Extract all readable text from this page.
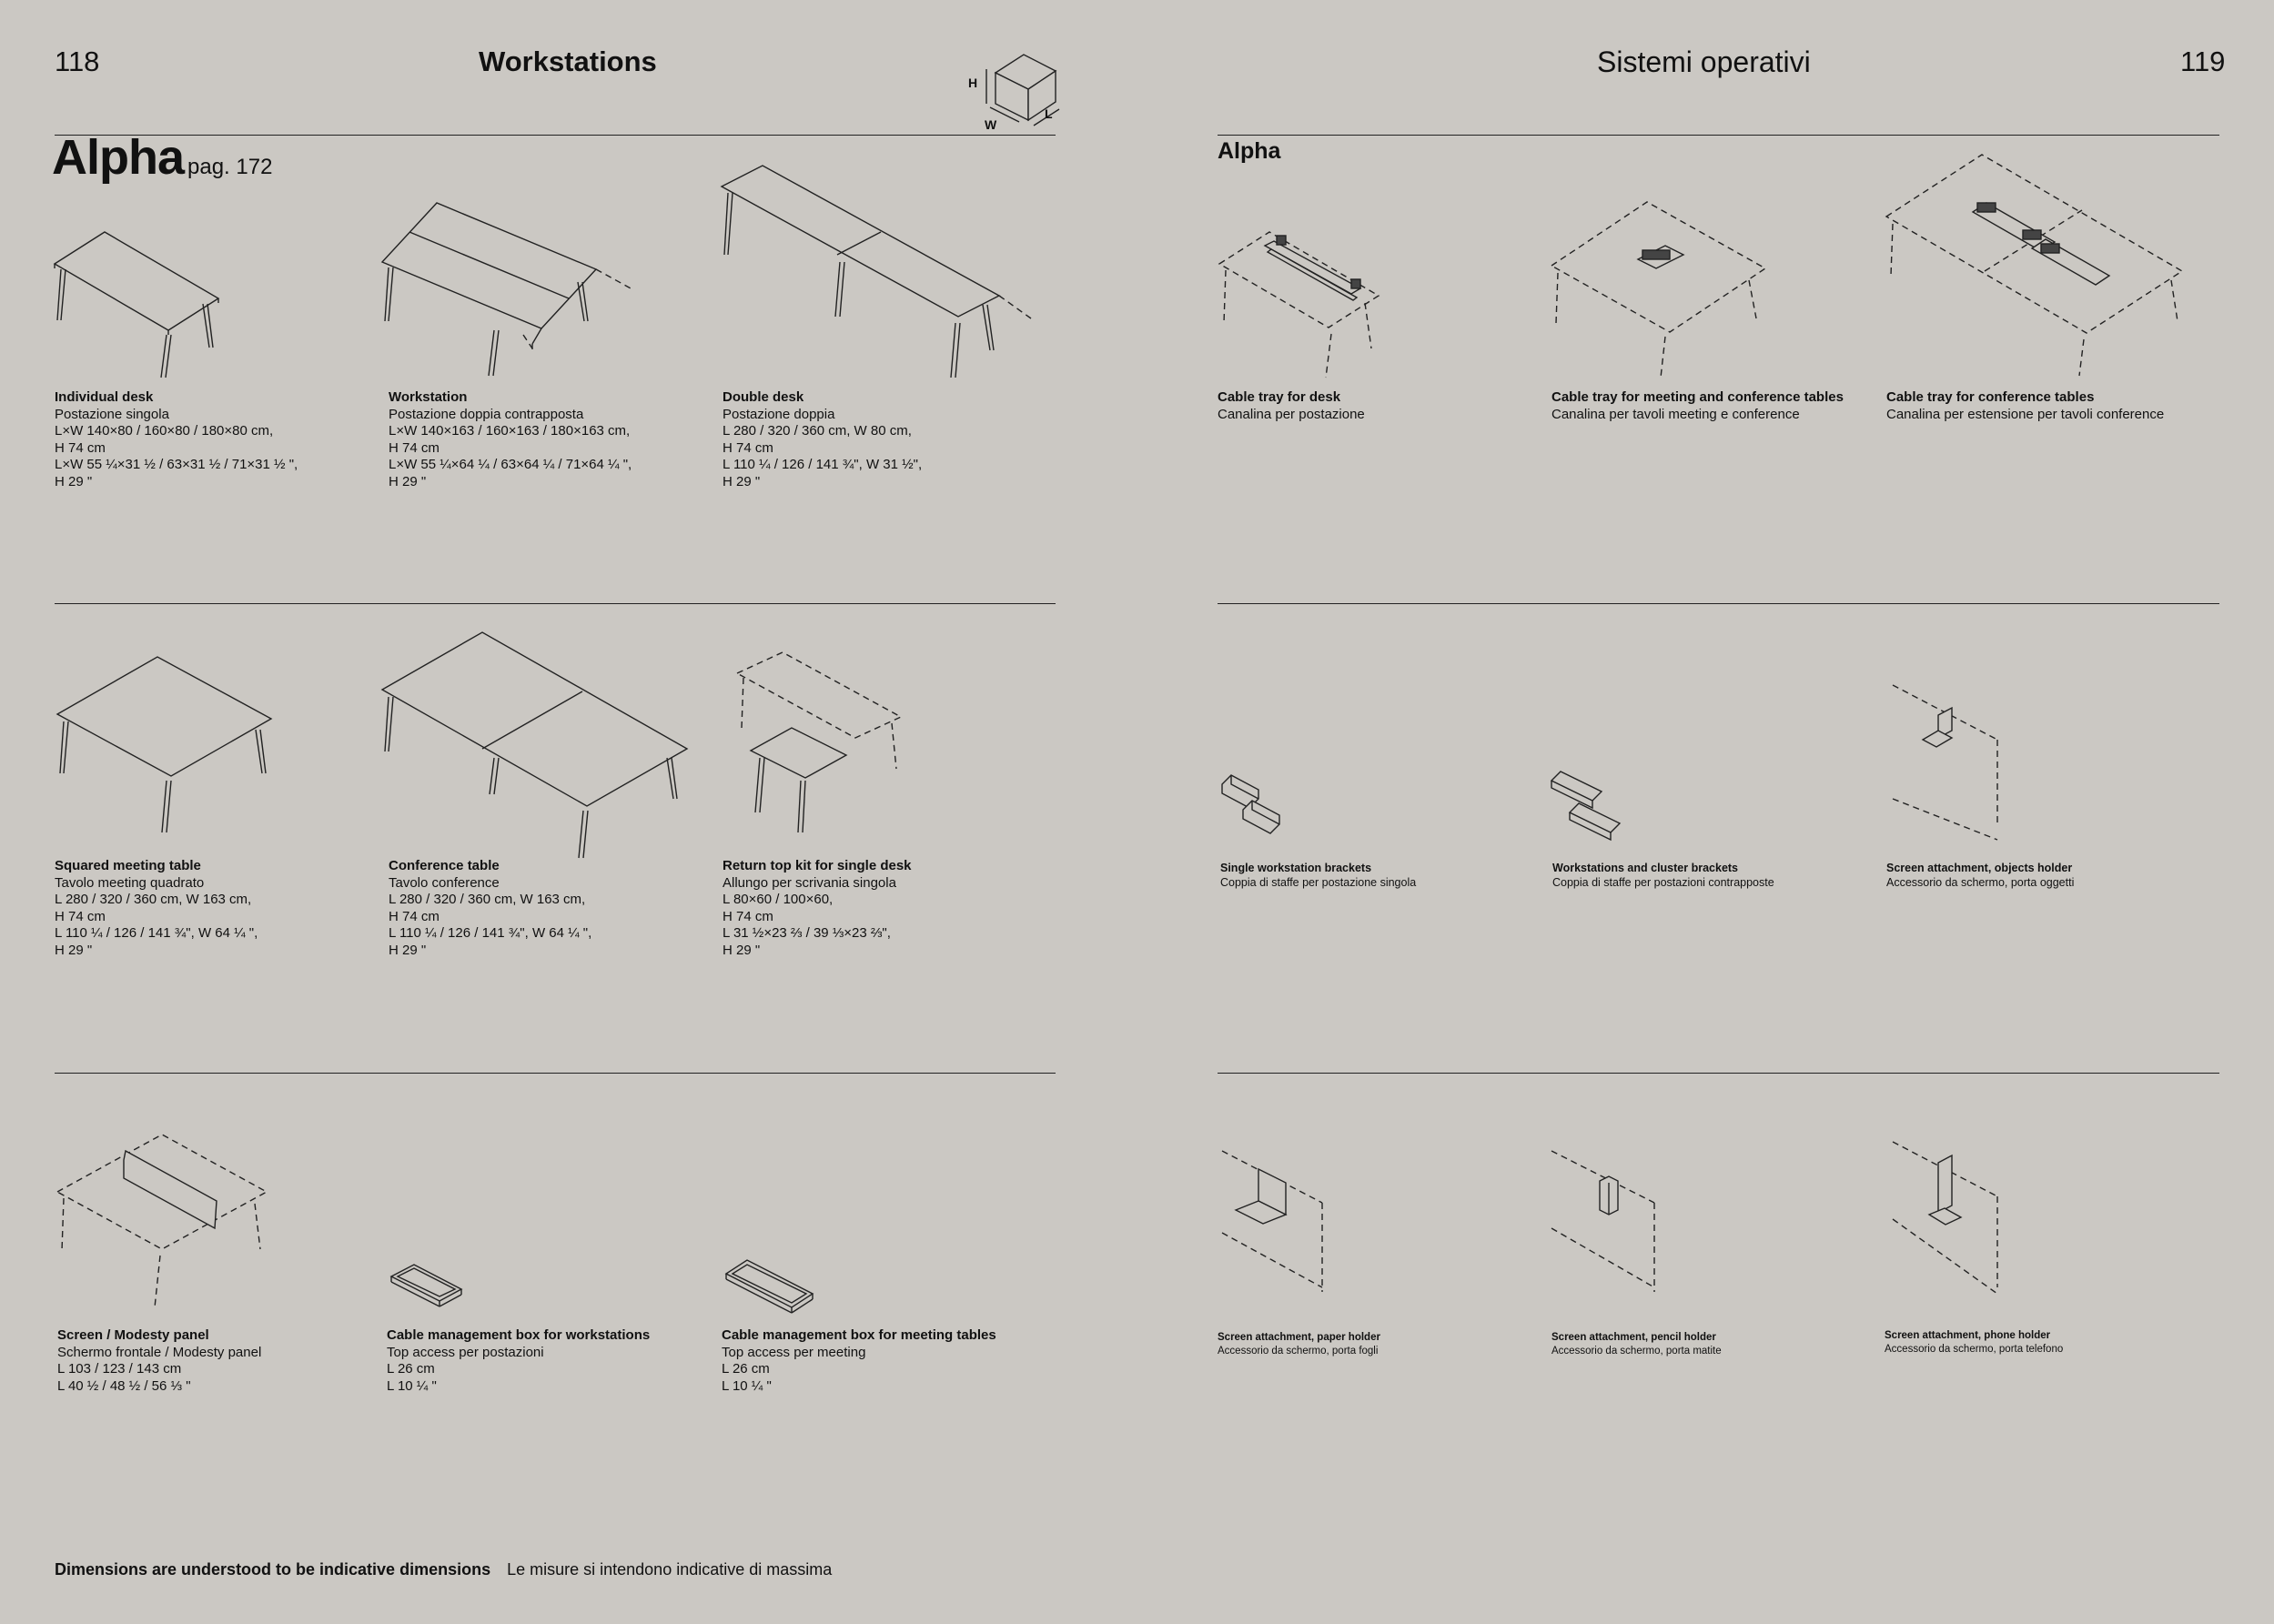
118	Workstations
H
W
L
Alpha pag. 172
Sistemi operativi	119
Alpha
Individual desk
Postazione singola
L×W 140×80 / 160×80 / 180×80 cm,
H 74 cm
L×W 55 ¼×31 ½ / 63×31 ½ / 71×31 ½ ",
H 29 "
Workstation
Postazione doppia contrapposta
L×W 140×163 / 160×163 / 180×163 cm,
H 74 cm
L×W 55 ¼×64 ¼ / 63×64 ¼ / 71×64 ¼ ",
H 29 "
Double desk
Postazione doppia
L 280 / 320 / 360 cm, W 80 cm,
H 74 cm
L 110 ¼ / 126 / 141 ¾", W 31 ½",
H 29 "
Squared meeting table
Tavolo meeting quadrato
L 280 / 320 / 360 cm, W 163 cm,
H 74 cm
L 110 ¼ / 126 / 141 ¾", W 64 ¼ ",
H 29 "
Conference table
Tavolo conference
L 280 / 320 / 360 cm, W 163 cm,
H 74 cm
L 110 ¼ / 126 / 141 ¾", W 64 ¼ ",
H 29 "
Return top kit for single desk
Allungo per scrivania singola
L 80×60 / 100×60,
H 74 cm
L 31 ½×23 ⅔ / 39 ⅓×23 ⅔",
H 29 "
Screen / Modesty panel
Schermo frontale / Modesty panel
L 103 / 123 / 143 cm
L 40 ½ / 48 ½ / 56 ⅓ "
Cable management box for workstations
Top access per postazioni
L 26 cm
L 10 ¼ "
Cable management box for meeting tables
Top access per meeting
L 26 cm
L 10 ¼ "
Cable tray for desk
Canalina per postazione
Cable tray for meeting and conference tables
Canalina per tavoli meeting e conference
Cable tray for conference tables
Canalina per estensione per tavoli conference
Single workstation brackets
Coppia di staffe per postazione singola
Workstations and cluster brackets
Coppia di staffe per postazioni contrapposte
Screen attachment, objects holder
Accessorio da schermo, porta oggetti
Screen attachment, paper holder
Accessorio da schermo, porta fogli
Screen attachment, pencil holder
Accessorio da schermo, porta matite
Screen attachment, phone holder
Accessorio da schermo, porta telefono
Dimensions are understood to be indicative dimensions Le misure si intendono indicative di massima
